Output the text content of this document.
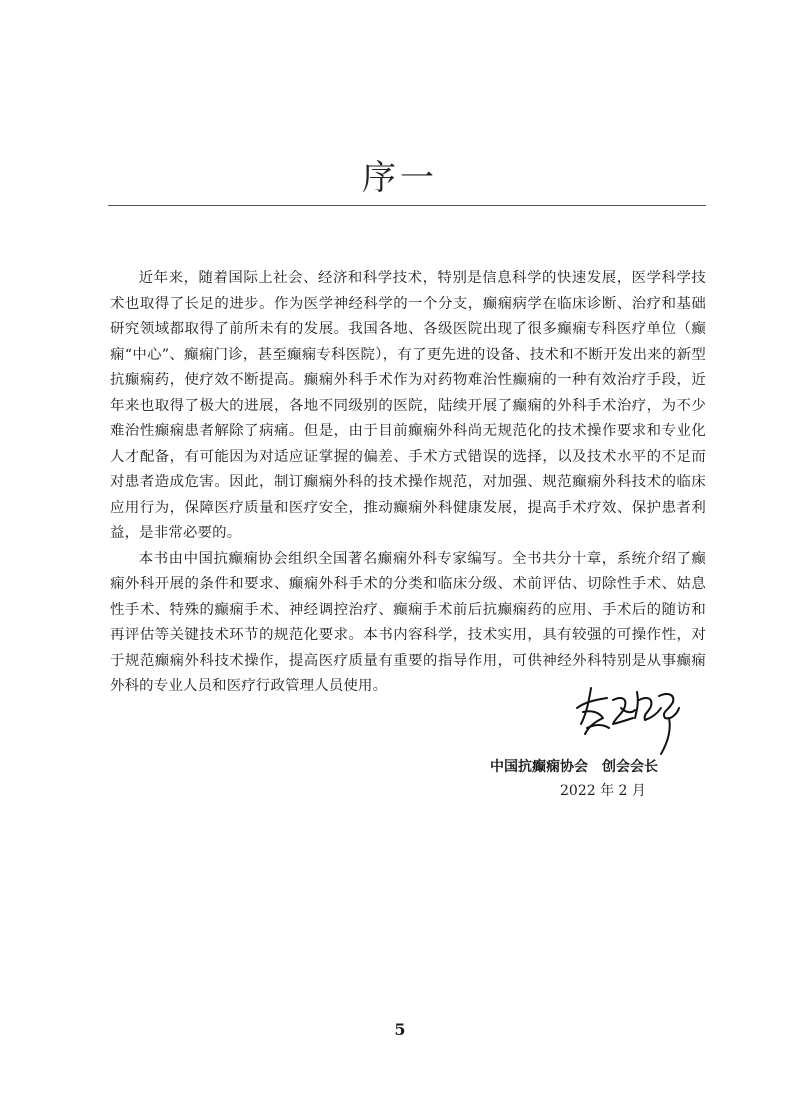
序一

近年来，随着国际上社会、经济和科学技术，特别是信息科学的快速发展，医学科学技术也取得了长足的进步。作为医学神经科学的一个分支，癫痫病学在临床诊断、治疗和基础研究领域都取得了前所未有的发展。我国各地、各级医院出现了很多癫痫专科医疗单位（癫痫“中心”、癫痫门诊，甚至癫痫专科医院），有了更先进的设备、技术和不断开发出来的新型抗癫痫药，使疗效不断提高。癫痫外科手术作为对药物难治性癫痫的一种有效治疗手段，近年来也取得了极大的进展，各地不同级别的医院，陆续开展了癫痫的外科手术治疗，为不少难治性癫痫患者解除了病痛。但是，由于目前癫痫外科尚无规范化的技术操作要求和专业化人才配备，有可能因为对适应证掌握的偏差、手术方式错误的选择，以及技术水平的不足而对患者造成危害。因此，制订癫痫外科的技术操作规范，对加强、规范癫痫外科技术的临床应用行为，保障医疗质量和医疗安全，推动癫痫外科健康发展，提高手术疗效、保护患者利益，是非常必要的。

本书由中国抗癫痫协会组织全国著名癫痫外科专家编写。全书共分十章，系统介绍了癫痫外科开展的条件和要求、癫痫外科手术的分类和临床分级、术前评估、切除性手术、姑息性手术、特殊的癫痫手术、神经调控治疗、癫痫手术前后抗癫痫药的应用、手术后的随访和再评估等关键技术环节的规范化要求。本书内容科学，技术实用，具有较强的可操作性，对于规范癫痫外科技术操作，提高医疗质量有重要的指导作用，可供神经外科特别是从事癫痫外科的专业人员和医疗行政管理人员使用。

中国抗癫痫协会 创会会长
2022 年 2 月
5
